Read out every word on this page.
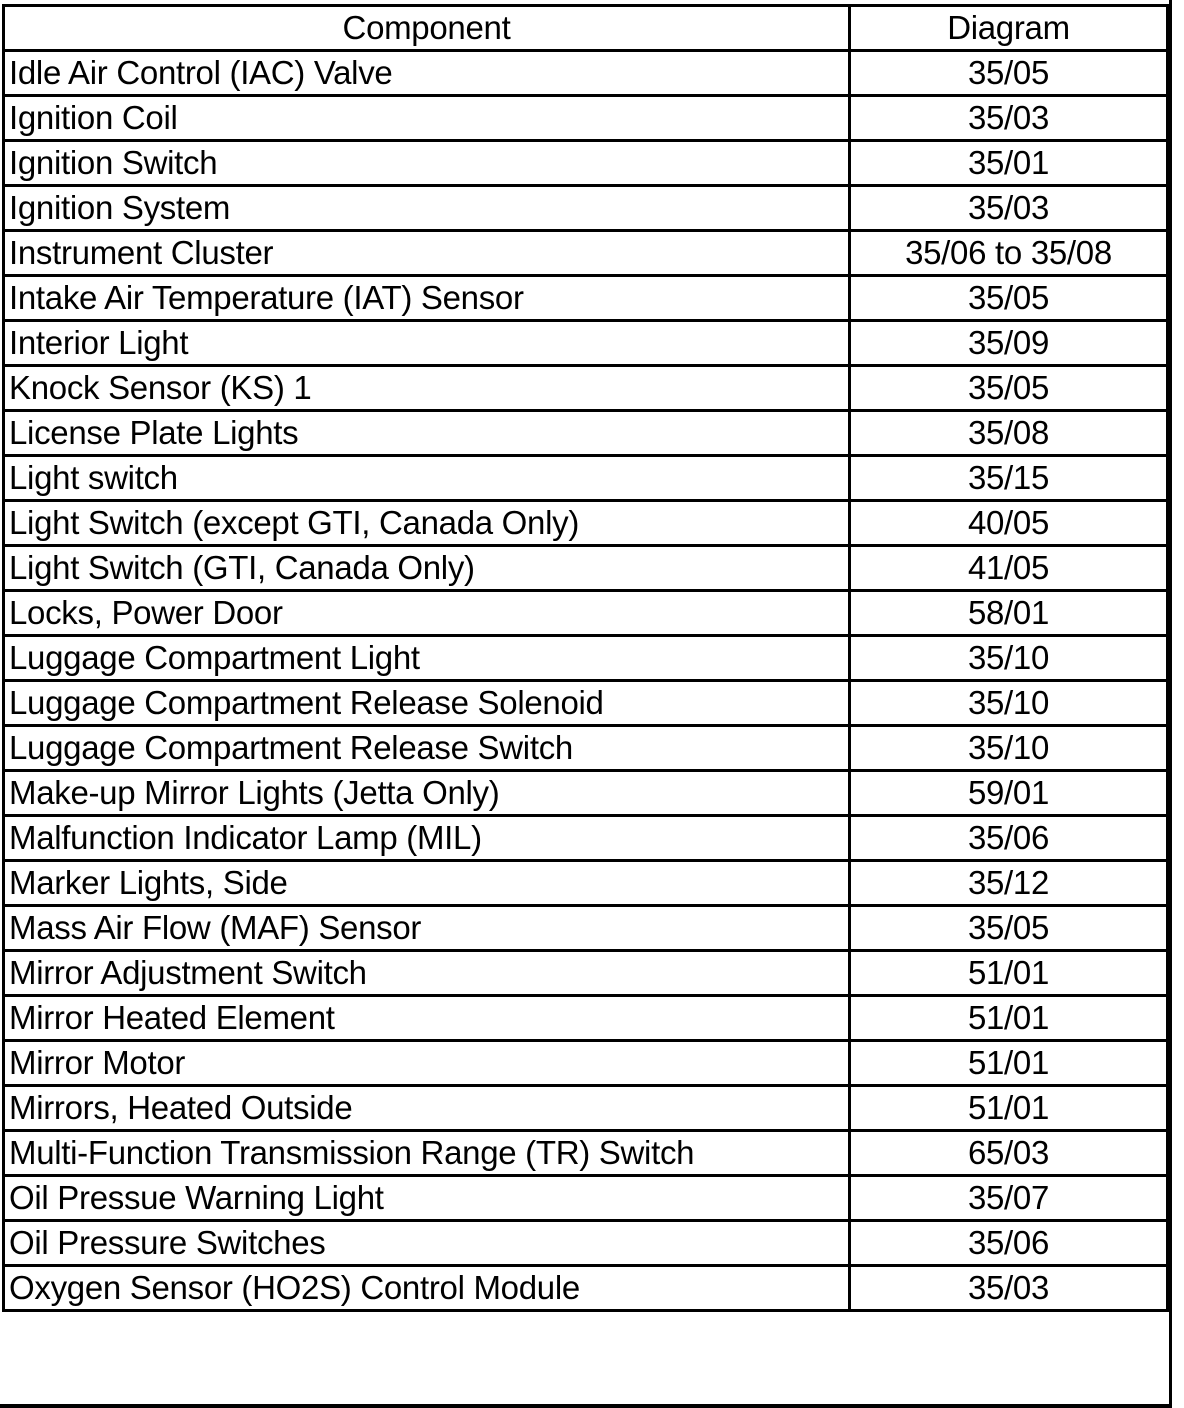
Component	Diagram
Idle Air Control (IAC) Valve	35/05
Ignition Coil	35/03
Ignition Switch	35/01
Ignition System	35/03
Instrument Cluster	35/06 to 35/08
Intake Air Temperature (IAT) Sensor	35/05
Interior Light	35/09
Knock Sensor (KS) 1	35/05
License Plate Lights	35/08
Light switch	35/15
Light Switch (except GTI, Canada Only)	40/05
Light Switch (GTI, Canada Only)	41/05
Locks, Power Door	58/01
Luggage Compartment Light	35/10
Luggage Compartment Release Solenoid	35/10
Luggage Compartment Release Switch	35/10
Make-up Mirror Lights (Jetta Only)	59/01
Malfunction Indicator Lamp (MIL)	35/06
Marker Lights, Side	35/12
Mass Air Flow (MAF) Sensor	35/05
Mirror Adjustment Switch	51/01
Mirror Heated Element	51/01
Mirror Motor	51/01
Mirrors, Heated Outside	51/01
Multi-Function Transmission Range (TR) Switch	65/03
Oil Pressue Warning Light	35/07
Oil Pressure Switches	35/06
Oxygen Sensor (HO2S) Control Module	35/03
